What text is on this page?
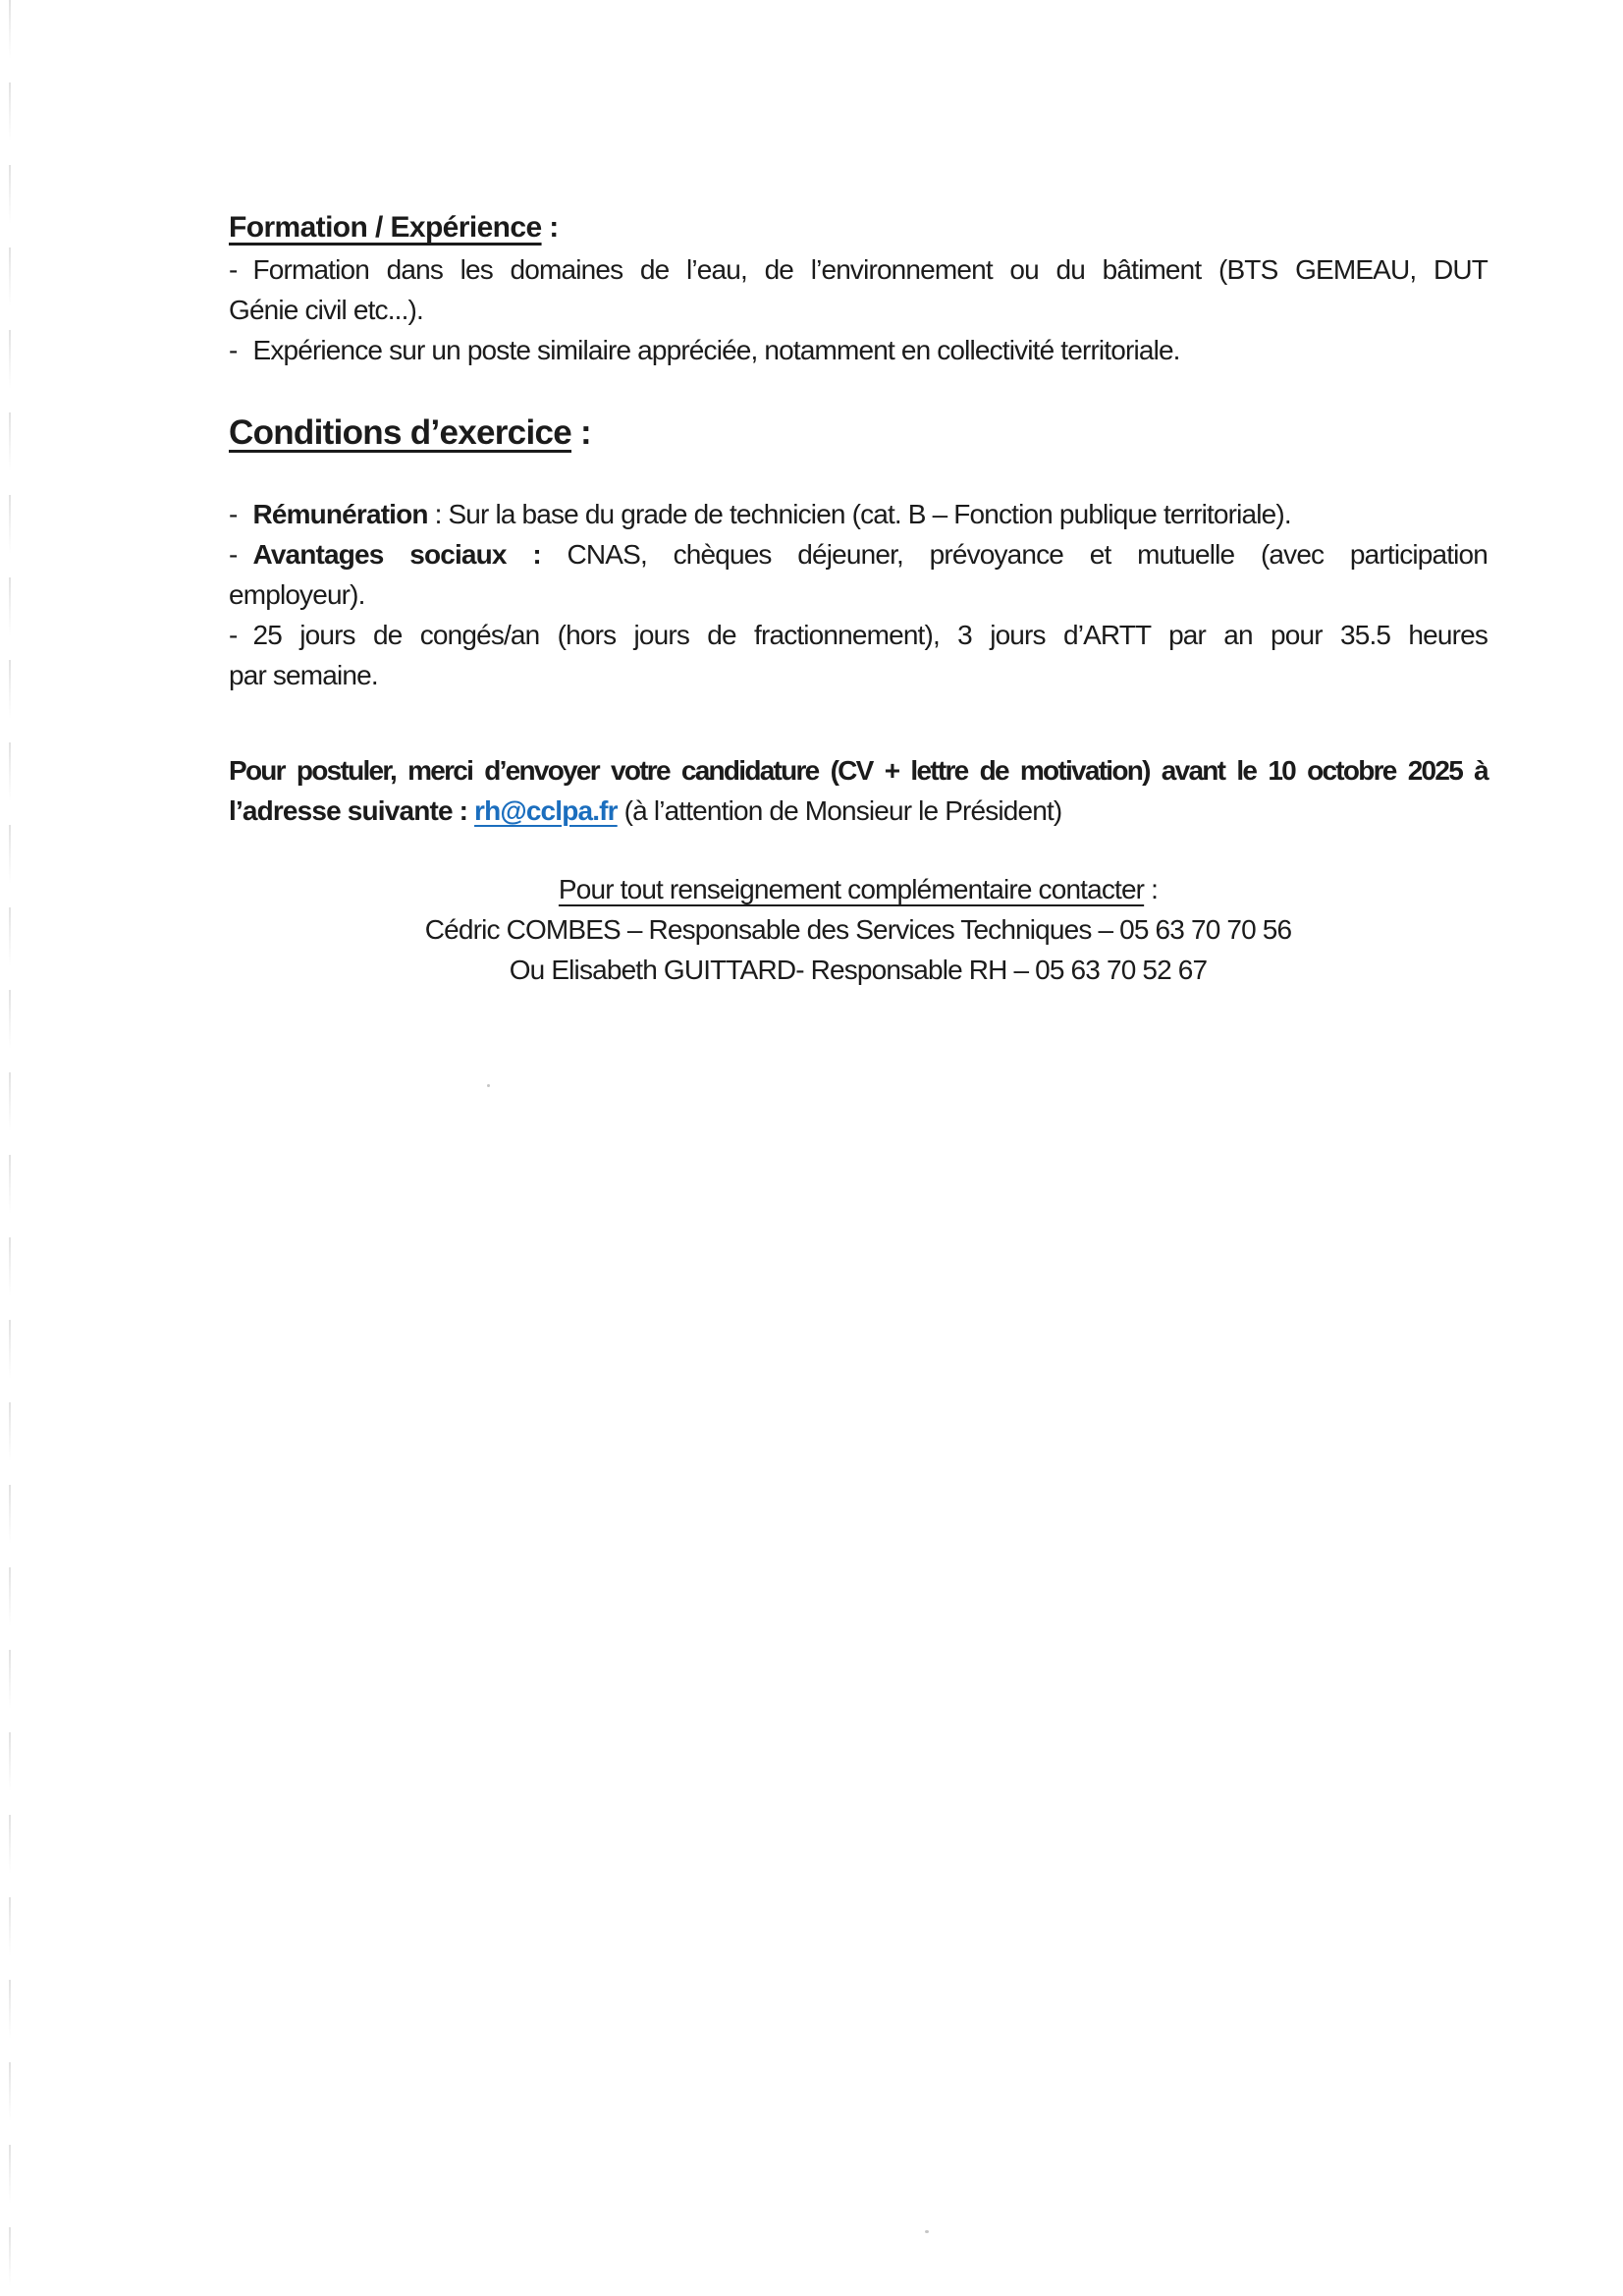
Formation / Expérience :
- Formation dans les domaines de l’eau, de l’environnement ou du bâtiment (BTS GEMEAU, DUT
Génie civil etc...).
- Expérience sur un poste similaire appréciée, notamment en collectivité territoriale.
Conditions d’exercice :
- Rémunération : Sur la base du grade de technicien (cat. B – Fonction publique territoriale).
- Avantages sociaux : CNAS, chèques déjeuner, prévoyance et mutuelle (avec participation
employeur).
- 25 jours de congés/an (hors jours de fractionnement), 3 jours d’ARTT par an pour 35.5 heures
par semaine.
Pour postuler, merci d’envoyer votre candidature (CV + lettre de motivation) avant le 10 octobre 2025 à
l’adresse suivante : rh@cclpa.fr (à l’attention de Monsieur le Président)
Pour tout renseignement complémentaire contacter :
Cédric COMBES – Responsable des Services Techniques – 05 63 70 70 56
Ou Elisabeth GUITTARD- Responsable RH – 05 63 70 52 67
